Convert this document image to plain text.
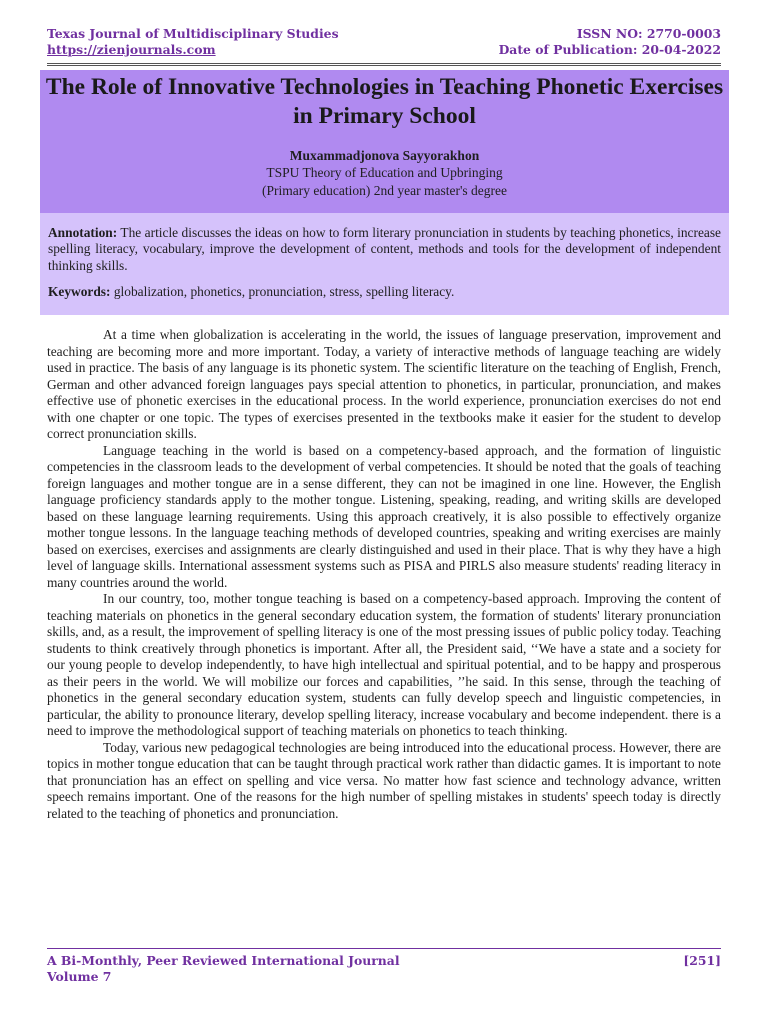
Texas Journal of Multidisciplinary Studies	ISSN NO: 2770-0003
https://zienjournals.com	Date of Publication: 20-04-2022
The Role of Innovative Technologies in Teaching Phonetic Exercises in Primary School
Muxammadjonova Sayyorakhon
TSPU Theory of Education and Upbringing
(Primary education) 2nd year master's degree
Annotation: The article discusses the ideas on how to form literary pronunciation in students by teaching phonetics, increase spelling literacy, vocabulary, improve the development of content, methods and tools for the development of independent thinking skills.
Keywords: globalization, phonetics, pronunciation, stress, spelling literacy.

At a time when globalization is accelerating in the world, the issues of language preservation, improvement and teaching are becoming more and more important. Today, a variety of interactive methods of language teaching are widely used in practice. The basis of any language is its phonetic system. The scientific literature on the teaching of English, French, German and other advanced foreign languages pays special attention to phonetics, in particular, pronunciation, and makes effective use of phonetic exercises in the educational process. In the world experience, pronunciation exercises do not end with one chapter or one topic. The types of exercises presented in the textbooks make it easier for the student to develop correct pronunciation skills.

Language teaching in the world is based on a competency-based approach, and the formation of linguistic competencies in the classroom leads to the development of verbal competencies. It should be noted that the goals of teaching foreign languages and mother tongue are in a sense different, they can not be imagined in one line. However, the English language proficiency standards apply to the mother tongue. Listening, speaking, reading, and writing skills are developed based on these language learning requirements. Using this approach creatively, it is also possible to effectively organize mother tongue lessons. In the language teaching methods of developed countries, speaking and writing exercises are mainly based on exercises, exercises and assignments are clearly distinguished and used in their place. That is why they have a high level of language skills. International assessment systems such as PISA and PIRLS also measure students' reading literacy in many countries around the world.

In our country, too, mother tongue teaching is based on a competency-based approach. Improving the content of teaching materials on phonetics in the general secondary education system, the formation of students' literary pronunciation skills, and, as a result, the improvement of spelling literacy is one of the most pressing issues of public policy today. Teaching students to think creatively through phonetics is important. After all, the President said, ‘‘We have a state and a society for our young people to develop independently, to have high intellectual and spiritual potential, and to be happy and prosperous as their peers in the world. We will mobilize our forces and capabilities, ’’he said. In this sense, through the teaching of phonetics in the general secondary education system, students can fully develop speech and linguistic competencies, in particular, the ability to pronounce literary, develop spelling literacy, increase vocabulary and become independent. there is a need to improve the methodological support of teaching materials on phonetics to teach thinking.

Today, various new pedagogical technologies are being introduced into the educational process. However, there are topics in mother tongue education that can be taught through practical work rather than didactic games. It is important to note that pronunciation has an effect on spelling and vice versa. No matter how fast science and technology advance, written speech remains important. One of the reasons for the high number of spelling mistakes in students' speech today is directly related to the teaching of phonetics and pronunciation.

A Bi-Monthly, Peer Reviewed International Journal	[251]
Volume 7
